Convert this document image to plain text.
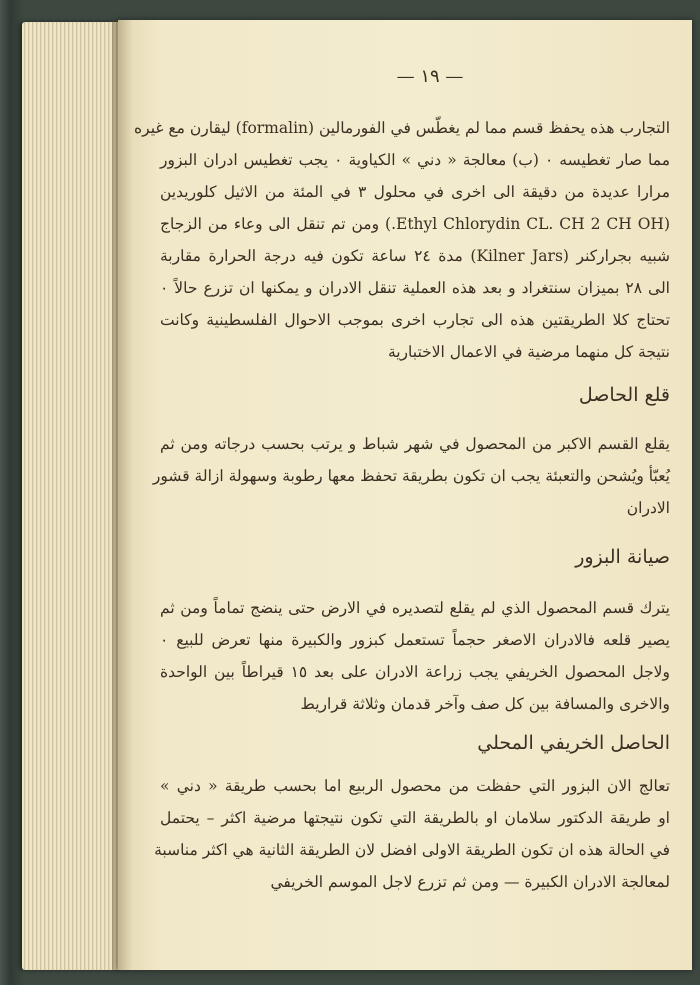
— ١٩ —
التجارب هذه يحفظ قسم مما لم يغطّس في الفورمالين (formalin) ليقارن مع غيره
مما صار تغطيسه ٠ (ب) معالجة « دني » الكياوية ٠ يجب تغطيس ادران البزور
مرارا عديدة من دقيقة الى اخرى في محلول ٣ في المئة من الاثيل كلوريدين
(Ethyl Chlorydin CL. CH 2 CH OH.) ومن تم تنقل الى وعاء من الزجاج
شبيه بجراركنر (Kilner Jars) مدة ٢٤ ساعة تكون فيه درجة الحرارة مقاربة
الى ٢٨ بميزان سنتغراد و بعد هذه العملية تنقل الادران و يمكنها ان تزرع حالاً ٠
تحتاج كلا الطريقتين هذه الى تجارب اخرى بموجب الاحوال الفلسطينية وكانت
نتيجة كل منهما مرضية في الاعمال الاختبارية
قلع الحاصل
يقلع القسم الاكبر من المحصول في شهر شباط و يرتب بحسب درجاته ومن ثم
يُعبّأ ويُشحن والتعبئة يجب ان تكون بطريقة تحفظ معها رطوبة وسهولة ازالة قشور
الادران
صيانة البزور
يترك قسم المحصول الذي لم يقلع لتصديره في الارض حتى ينضج تماماً ومن ثم
يصير قلعه فالادران الاصغر حجماً تستعمل كبزور والكبيرة منها تعرض للبيع ٠
ولاجل المحصول الخريفي يجب زراعة الادران على بعد ١٥ قيراطاً بين الواحدة
والاخرى والمسافة بين كل صف وآخر قدمان وثلاثة قراريط
الحاصل الخريفي المحلي
تعالج الان البزور التي حفظت من محصول الربيع اما بحسب طريقة « دني »
او طريقة الدكتور سلامان او بالطريقة التي تكون نتيجتها مرضية اكثر – يحتمل
في الحالة هذه ان تكون الطريقة الاولى افضل لان الطريقة الثانية هي اكثر مناسبة
لمعالجة الادران الكبيرة — ومن ثم تزرع لاجل الموسم الخريفي
